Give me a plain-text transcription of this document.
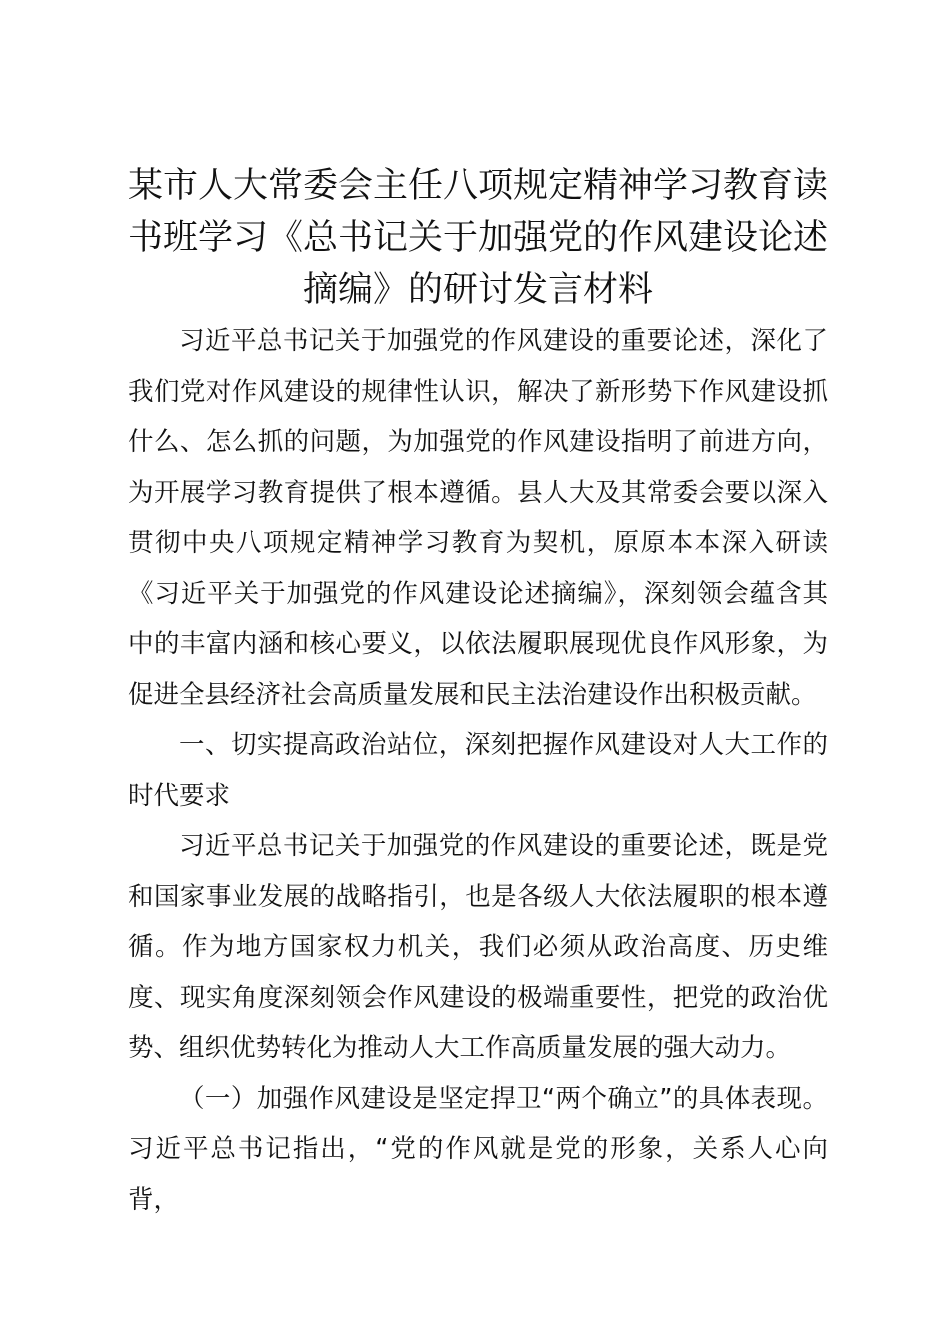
某市人大常委会主任八项规定精神学习教育读
书班学习《总书记关于加强党的作风建设论述
摘编》的研讨发言材料

习近平总书记关于加强党的作风建设的重要论述，深化了我们党对作风建设的规律性认识，解决了新形势下作风建设抓什么、怎么抓的问题，为加强党的作风建设指明了前进方向，为开展学习教育提供了根本遵循。县人大及其常委会要以深入贯彻中央八项规定精神学习教育为契机，原原本本深入研读《习近平关于加强党的作风建设论述摘编》，深刻领会蕴含其中的丰富内涵和核心要义，以依法履职展现优良作风形象，为促进全县经济社会高质量发展和民主法治建设作出积极贡献。

一、切实提高政治站位，深刻把握作风建设对人大工作的时代要求

习近平总书记关于加强党的作风建设的重要论述，既是党和国家事业发展的战略指引，也是各级人大依法履职的根本遵循。作为地方国家权力机关，我们必须从政治高度、历史维度、现实角度深刻领会作风建设的极端重要性，把党的政治优势、组织优势转化为推动人大工作高质量发展的强大动力。

（一）加强作风建设是坚定捍卫“两个确立”的具体表现。习近平总书记指出，“党的作风就是党的形象，关系人心向背，
